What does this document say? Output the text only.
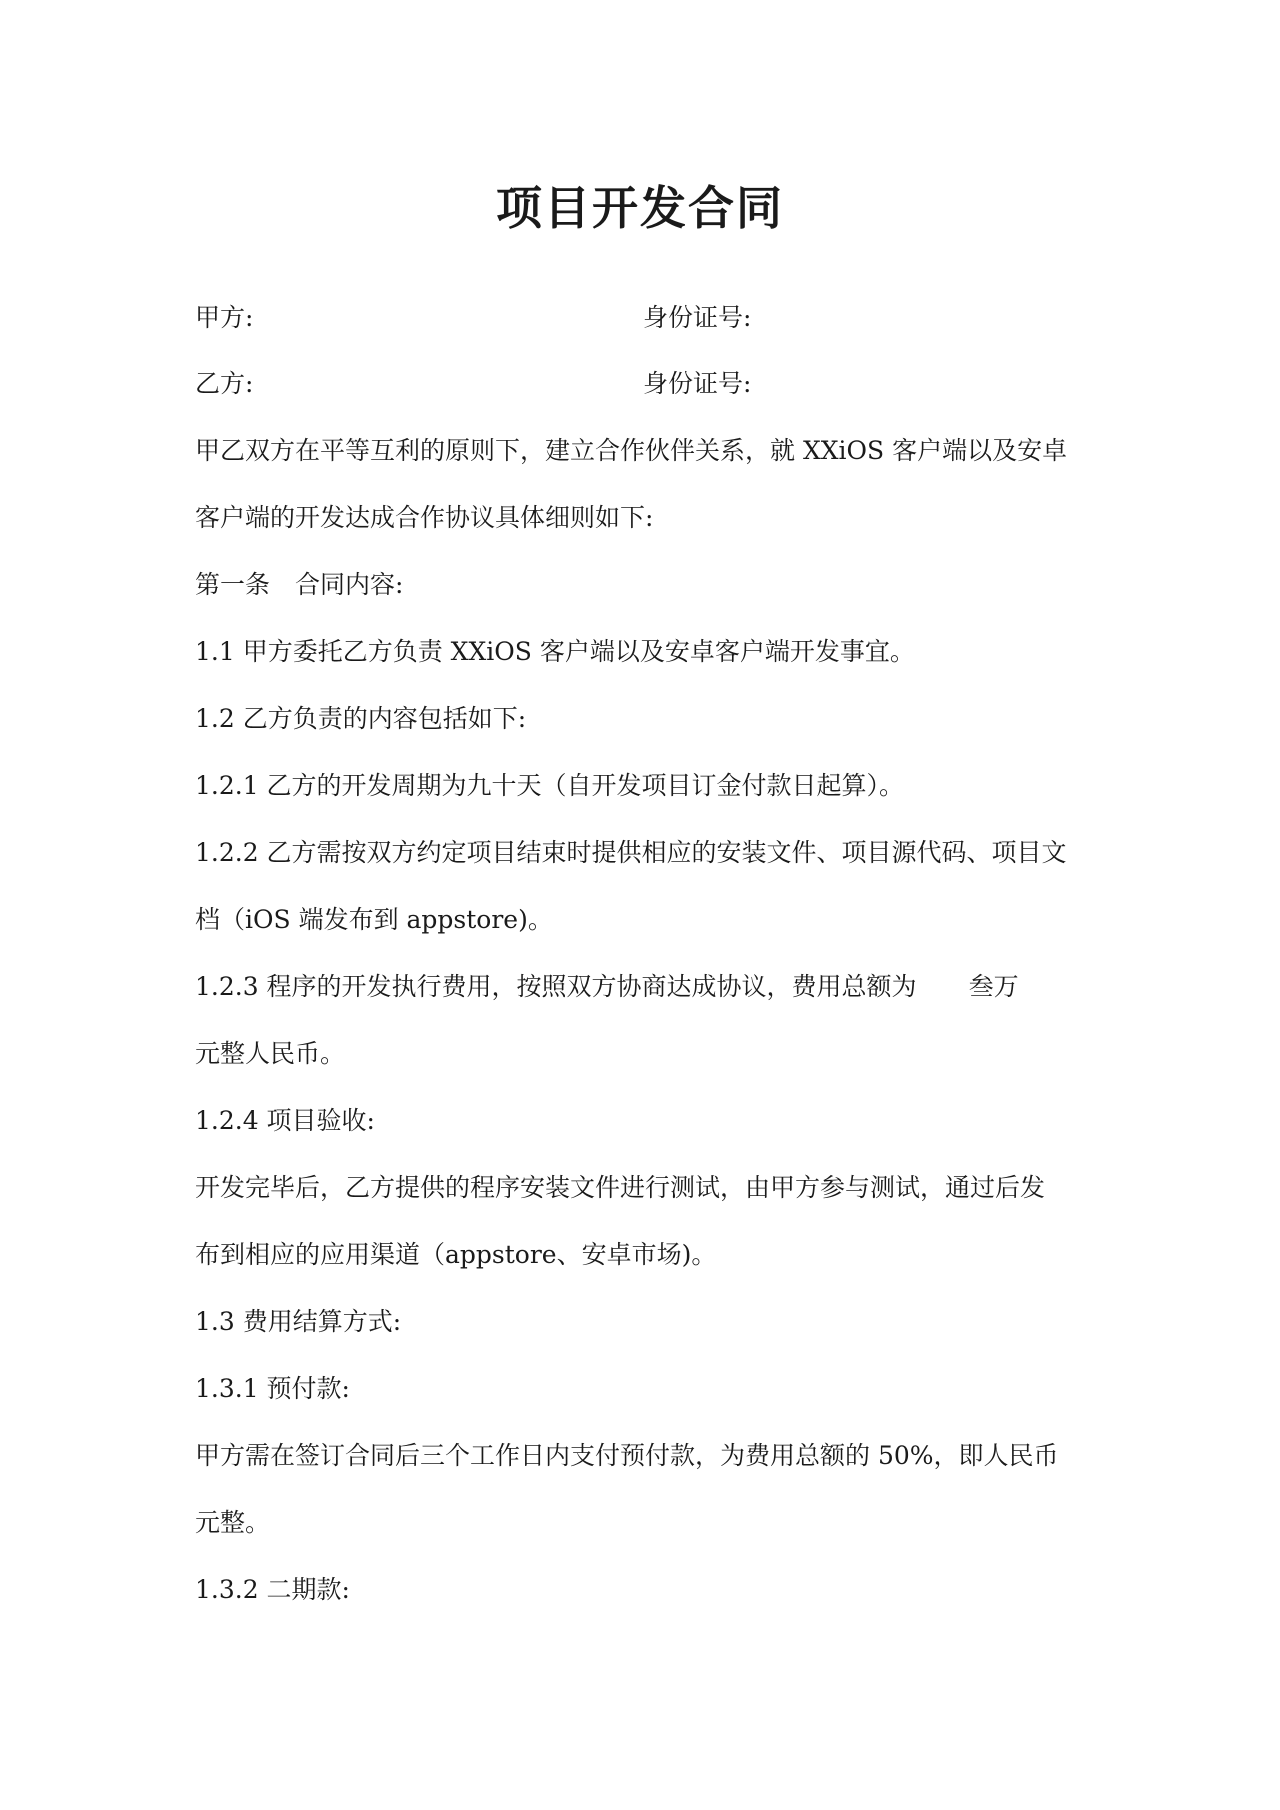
项目开发合同
甲方:	身份证号:
乙方:	身份证号:
甲乙双方在平等互利的原则下，建立合作伙伴关系，就 XXiOS 客户端以及安卓
客户端的开发达成合作协议具体细则如下:
第一条　合同内容:
1.1 甲方委托乙方负责 XXiOS 客户端以及安卓客户端开发事宜。
1.2 乙方负责的内容包括如下:
1.2.1 乙方的开发周期为九十天（自开发项目订金付款日起算）。
1.2.2 乙方需按双方约定项目结束时提供相应的安装文件、项目源代码、项目文
档（iOS 端发布到 appstore)。
1.2.3 程序的开发执行费用，按照双方协商达成协议，费用总额为 叁万
元整人民币。
1.2.4 项目验收:
开发完毕后，乙方提供的程序安装文件进行测试，由甲方参与测试，通过后发
布到相应的应用渠道（appstore、安卓市场)。
1.3 费用结算方式:
1.3.1 预付款:
甲方需在签订合同后三个工作日内支付预付款，为费用总额的 50%，即人民币
元整。
1.3.2 二期款:
